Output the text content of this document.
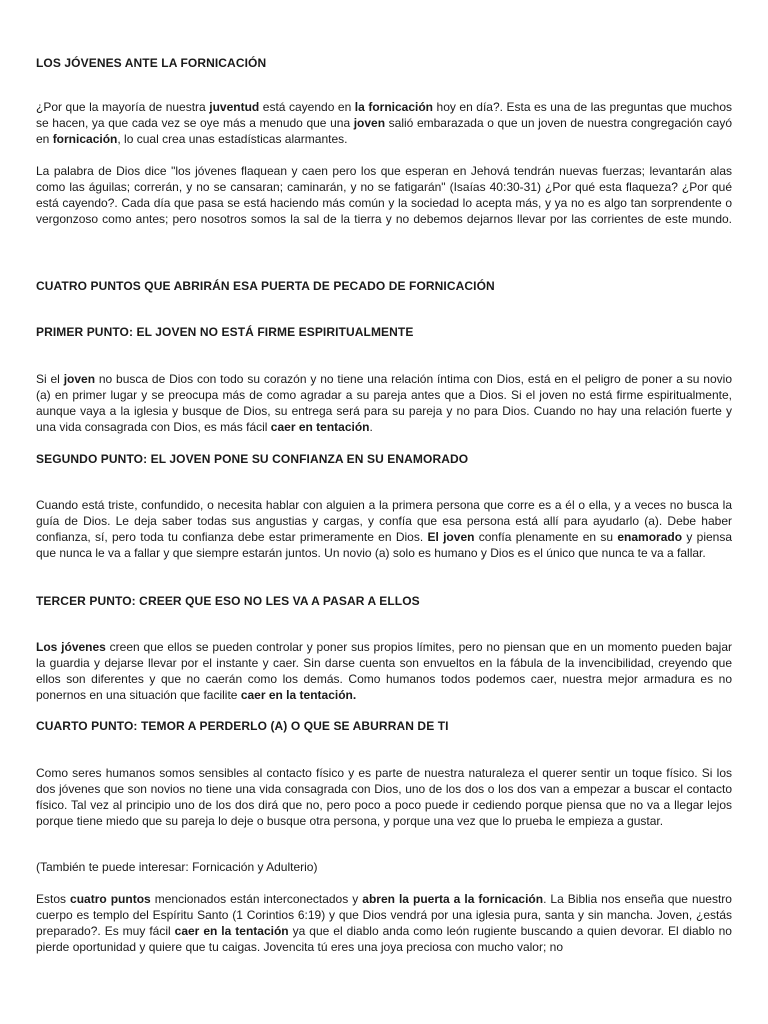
LOS JÓVENES ANTE LA FORNICACIÓN
¿Por que la mayoría de nuestra juventud está cayendo en la fornicación hoy en día?. Esta es una de las preguntas que muchos se hacen, ya que cada vez se oye más a menudo que una joven salió embarazada o que un joven de nuestra congregación cayó en fornicación, lo cual crea unas estadísticas alarmantes.
La palabra de Dios dice "los jóvenes flaquean y caen pero los que esperan en Jehová tendrán nuevas fuerzas; levantarán alas como las águilas; correrán, y no se cansaran; caminarán, y no se fatigarán" (Isaías 40:30-31) ¿Por qué esta flaqueza? ¿Por qué está cayendo?. Cada día que pasa se está haciendo más común y la sociedad lo acepta más, y ya no es algo tan sorprendente o vergonzoso como antes; pero nosotros somos la sal de la tierra y no debemos dejarnos llevar por las corrientes de este mundo.
CUATRO PUNTOS QUE ABRIRÁN ESA PUERTA DE PECADO DE FORNICACIÓN
PRIMER PUNTO: EL JOVEN NO ESTÁ FIRME ESPIRITUALMENTE
Si el joven no busca de Dios con todo su corazón y no tiene una relación íntima con Dios, está en el peligro de poner a su novio (a) en primer lugar y se preocupa más de como agradar a su pareja antes que a Dios. Si el joven no está firme espiritualmente, aunque vaya a la iglesia y busque de Dios, su entrega será para su pareja y no para Dios. Cuando no hay una relación fuerte y una vida consagrada con Dios, es más fácil caer en tentación.
SEGUNDO PUNTO: EL JOVEN PONE SU CONFIANZA EN SU ENAMORADO
Cuando está triste, confundido, o necesita hablar con alguien a la primera persona que corre es a él o ella, y a veces no busca la guía de Dios. Le deja saber todas sus angustias y cargas, y confía que esa persona está allí para ayudarlo (a). Debe haber confianza, sí, pero toda tu confianza debe estar primeramente en Dios. El joven confía plenamente en su enamorado y piensa que nunca le va a fallar y que siempre estarán juntos. Un novio (a) solo es humano y Dios es el único que nunca te va a fallar.
TERCER PUNTO: CREER QUE ESO NO LES VA A PASAR A ELLOS
Los jóvenes creen que ellos se pueden controlar y poner sus propios límites, pero no piensan que en un momento pueden bajar la guardia y dejarse llevar por el instante y caer. Sin darse cuenta son envueltos en la fábula de la invencibilidad, creyendo que ellos son diferentes y que no caerán como los demás. Como humanos todos podemos caer, nuestra mejor armadura es no ponernos en una situación que facilite caer en la tentación.
CUARTO PUNTO: TEMOR A PERDERLO (A) O QUE SE ABURRAN DE TI
Como seres humanos somos sensibles al contacto físico y es parte de nuestra naturaleza el querer sentir un toque físico. Si los dos jóvenes que son novios no tiene una vida consagrada con Dios, uno de los dos o los dos van a empezar a buscar el contacto físico. Tal vez al principio uno de los dos dirá que no, pero poco a poco puede ir cediendo porque piensa que no va a llegar lejos porque tiene miedo que su pareja lo deje o busque otra persona, y porque una vez que lo prueba le empieza a gustar.
(También te puede interesar: Fornicación y Adulterio)
Estos cuatro puntos mencionados están interconectados y abren la puerta a la fornicación. La Biblia nos enseña que nuestro cuerpo es templo del Espíritu Santo (1 Corintios 6:19) y que Dios vendrá por una iglesia pura, santa y sin mancha. Joven, ¿estás preparado?. Es muy fácil caer en la tentación ya que el diablo anda como león rugiente buscando a quien devorar. El diablo no pierde oportunidad y quiere que tu caigas. Jovencita tú eres una joya preciosa con mucho valor; no
